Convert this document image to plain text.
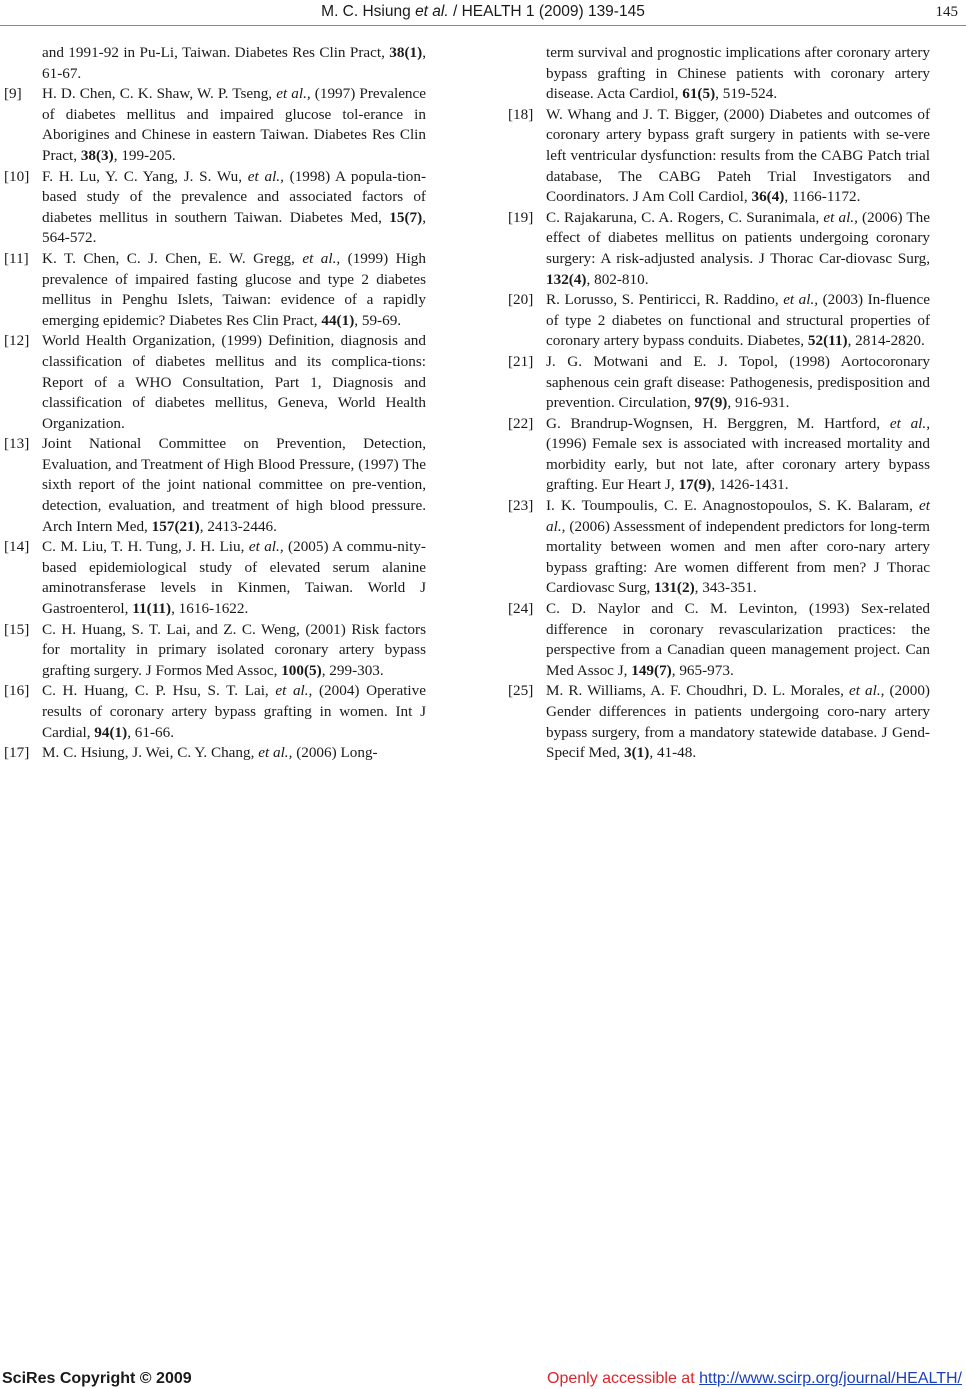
M. C. Hsiung et al. / HEALTH 1 (2009) 139-145	145
and 1991-92 in Pu-Li, Taiwan. Diabetes Res Clin Pract, 38(1), 61-67.
[9] H. D. Chen, C. K. Shaw, W. P. Tseng, et al., (1997) Prevalence of diabetes mellitus and impaired glucose tol-erance in Aborigines and Chinese in eastern Taiwan. Diabetes Res Clin Pract, 38(3), 199-205.
[10] F. H. Lu, Y. C. Yang, J. S. Wu, et al., (1998) A popula-tion-based study of the prevalence and associated factors of diabetes mellitus in southern Taiwan. Diabetes Med, 15(7), 564-572.
[11] K. T. Chen, C. J. Chen, E. W. Gregg, et al., (1999) High prevalence of impaired fasting glucose and type 2 diabetes mellitus in Penghu Islets, Taiwan: evidence of a rapidly emerging epidemic? Diabetes Res Clin Pract, 44(1), 59-69.
[12] World Health Organization, (1999) Definition, diagnosis and classification of diabetes mellitus and its complica-tions: Report of a WHO Consultation, Part 1, Diagnosis and classification of diabetes mellitus, Geneva, World Health Organization.
[13] Joint National Committee on Prevention, Detection, Evaluation, and Treatment of High Blood Pressure, (1997) The sixth report of the joint national committee on pre-vention, detection, evaluation, and treatment of high blood pressure. Arch Intern Med, 157(21), 2413-2446.
[14] C. M. Liu, T. H. Tung, J. H. Liu, et al., (2005) A commu-nity-based epidemiological study of elevated serum alanine aminotransferase levels in Kinmen, Taiwan. World J Gastroenterol, 11(11), 1616-1622.
[15] C. H. Huang, S. T. Lai, and Z. C. Weng, (2001) Risk factors for mortality in primary isolated coronary artery bypass grafting surgery. J Formos Med Assoc, 100(5), 299-303.
[16] C. H. Huang, C. P. Hsu, S. T. Lai, et al., (2004) Operative results of coronary artery bypass grafting in women. Int J Cardial, 94(1), 61-66.
[17] M. C. Hsiung, J. Wei, C. Y. Chang, et al., (2006) Long-
term survival and prognostic implications after coronary artery bypass grafting in Chinese patients with coronary artery disease. Acta Cardiol, 61(5), 519-524.
[18] W. Whang and J. T. Bigger, (2000) Diabetes and outcomes of coronary artery bypass graft surgery in patients with se-vere left ventricular dysfunction: results from the CABG Patch trial database, The CABG Pateh Trial Investigators and Coordinators. J Am Coll Cardiol, 36(4), 1166-1172.
[19] C. Rajakaruna, C. A. Rogers, C. Suranimala, et al., (2006) The effect of diabetes mellitus on patients undergoing coronary surgery: A risk-adjusted analysis. J Thorac Car-diovasc Surg, 132(4), 802-810.
[20] R. Lorusso, S. Pentiricci, R. Raddino, et al., (2003) In-fluence of type 2 diabetes on functional and structural properties of coronary artery bypass conduits. Diabetes, 52(11), 2814-2820.
[21] J. G. Motwani and E. J. Topol, (1998) Aortocoronary saphenous cein graft disease: Pathogenesis, predisposition and prevention. Circulation, 97(9), 916-931.
[22] G. Brandrup-Wognsen, H. Berggren, M. Hartford, et al., (1996) Female sex is associated with increased mortality and morbidity early, but not late, after coronary artery bypass grafting. Eur Heart J, 17(9), 1426-1431.
[23] I. K. Toumpoulis, C. E. Anagnostopoulos, S. K. Balaram, et al., (2006) Assessment of independent predictors for long-term mortality between women and men after coro-nary artery bypass grafting: Are women different from men? J Thorac Cardiovasc Surg, 131(2), 343-351.
[24] C. D. Naylor and C. M. Levinton, (1993) Sex-related difference in coronary revascularization practices: the perspective from a Canadian queen management project. Can Med Assoc J, 149(7), 965-973.
[25] M. R. Williams, A. F. Choudhri, D. L. Morales, et al., (2000) Gender differences in patients undergoing coro-nary artery bypass surgery, from a mandatory statewide database. J Gend-Specif Med, 3(1), 41-48.
SciRes Copyright © 2009	Openly accessible at http://www.scirp.org/journal/HEALTH/
